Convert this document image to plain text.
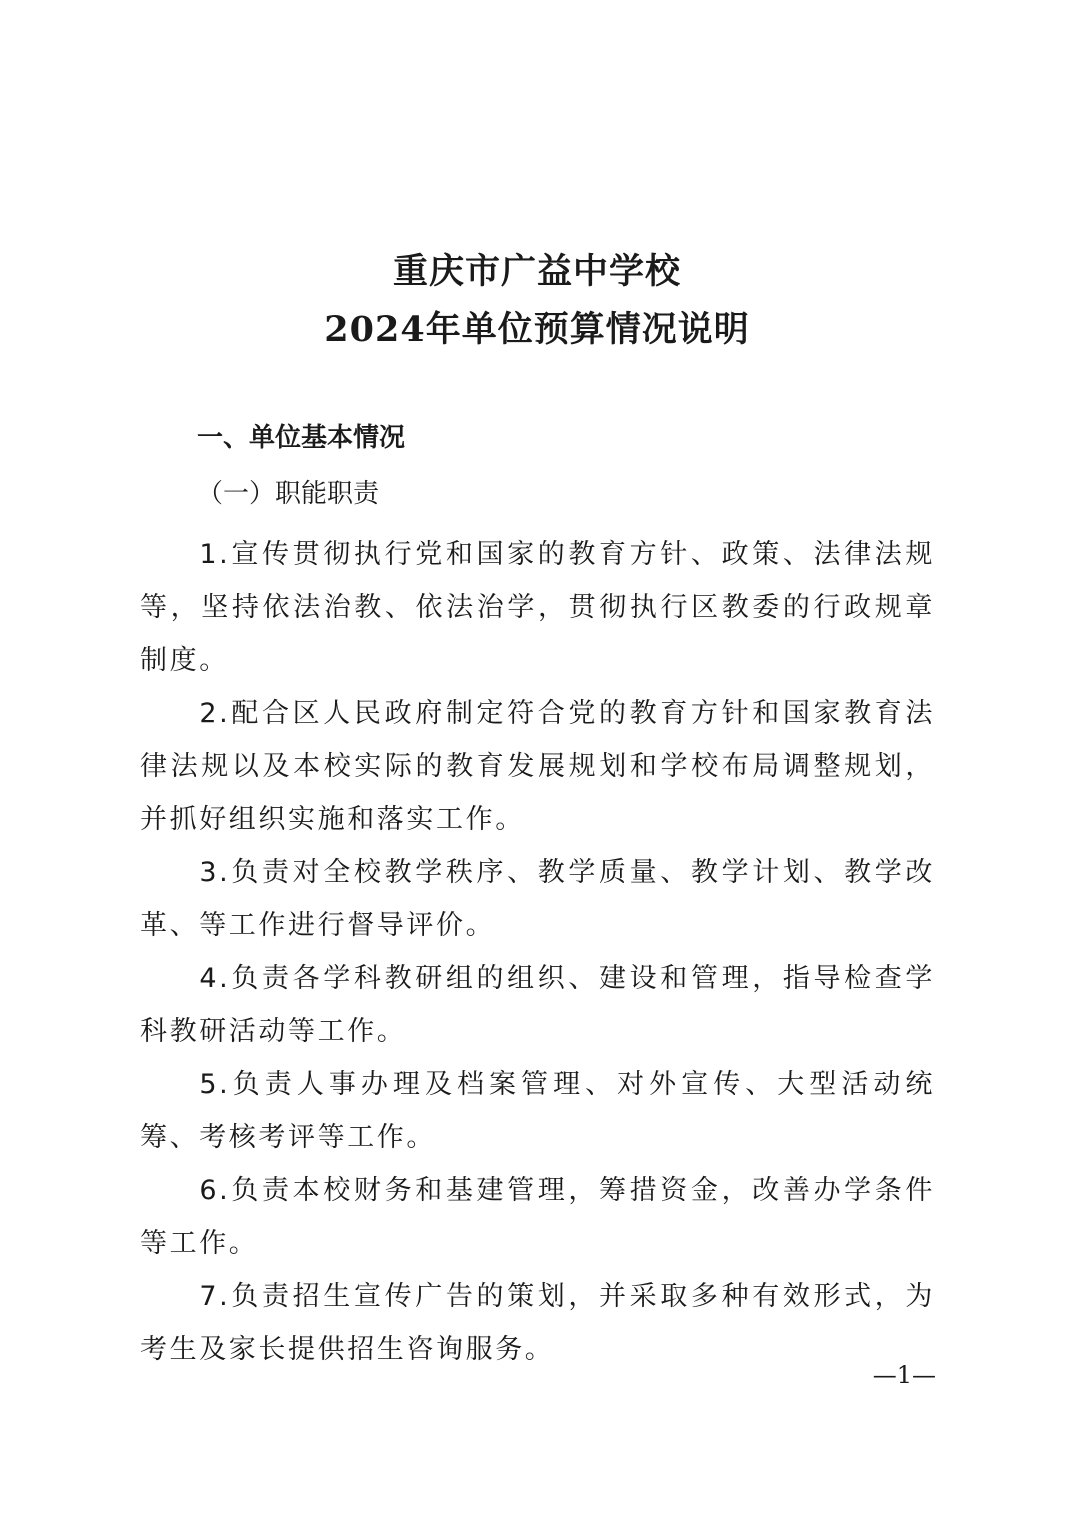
重庆市广益中学校
2024年单位预算情况说明
一、单位基本情况
（一）职能职责

1.宣传贯彻执行党和国家的教育方针、政策、法律法规等，坚持依法治教、依法治学，贯彻执行区教委的行政规章制度。

2.配合区人民政府制定符合党的教育方针和国家教育法律法规以及本校实际的教育发展规划和学校布局调整规划，并抓好组织实施和落实工作。

3.负责对全校教学秩序、教学质量、教学计划、教学改革、等工作进行督导评价。

4.负责各学科教研组的组织、建设和管理，指导检查学科教研活动等工作。

5.负责人事办理及档案管理、对外宣传、大型活动统筹、考核考评等工作。

6.负责本校财务和基建管理，筹措资金，改善办学条件等工作。

7.负责招生宣传广告的策划，并采取多种有效形式，为考生及家长提供招生咨询服务。

—1—
